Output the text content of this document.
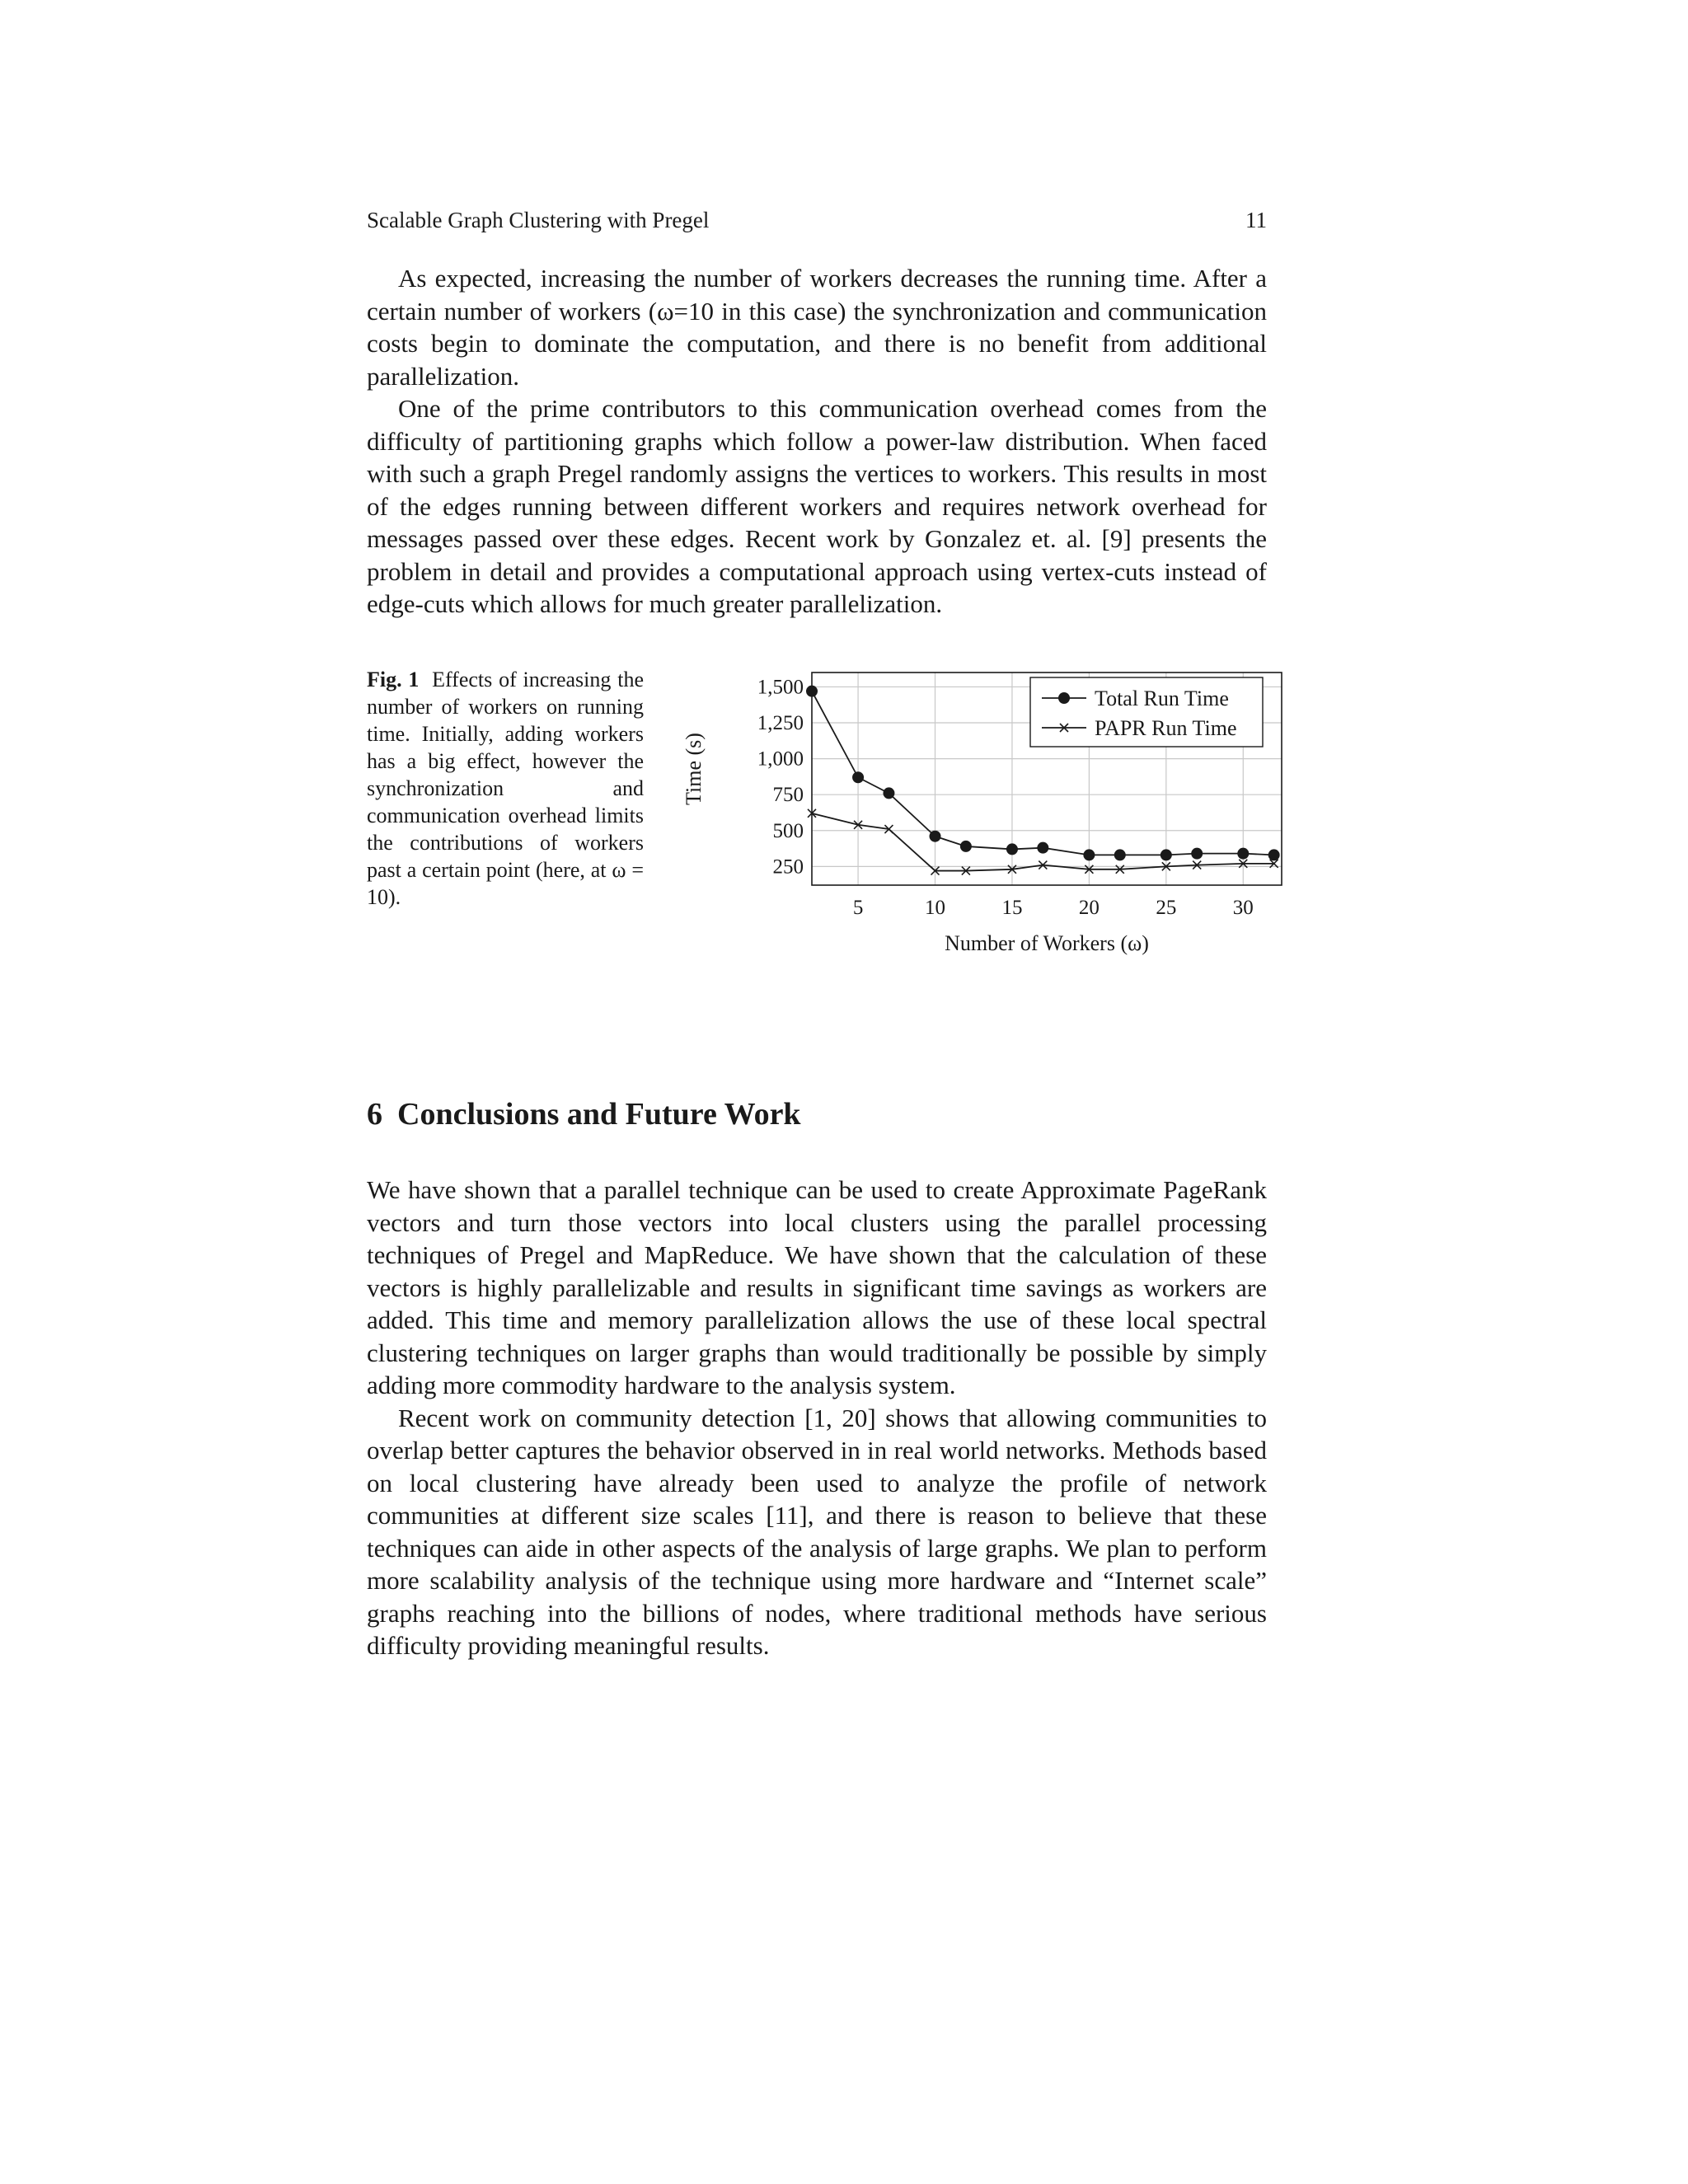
Scalable Graph Clustering with Pregel	11

As expected, increasing the number of workers decreases the running time. After a certain number of workers (ω=10 in this case) the synchronization and communication costs begin to dominate the computation, and there is no benefit from additional parallelization.

One of the prime contributors to this communication overhead comes from the difficulty of partitioning graphs which follow a power-law distribution. When faced with such a graph Pregel randomly assigns the vertices to workers. This results in most of the edges running between different workers and requires network overhead for messages passed over these edges. Recent work by Gonzalez et. al. [9] presents the problem in detail and provides a computational approach using vertex-cuts instead of edge-cuts which allows for much greater parallelization.

Fig. 1 Effects of increasing the number of workers on running time. Initially, adding workers has a big effect, however the synchronization and communication overhead limits the contributions of workers past a certain point (here, at ω = 10).	5	10	15	20	25	30
250
500
750
1,000
1,250
1,500
Time (s)
Number of Workers (ω)
Total Run Time
PAPR Run Time
6 Conclusions and Future Work

We have shown that a parallel technique can be used to create Approximate PageRank vectors and turn those vectors into local clusters using the parallel processing techniques of Pregel and MapReduce. We have shown that the calculation of these vectors is highly parallelizable and results in significant time savings as workers are added. This time and memory parallelization allows the use of these local spectral clustering techniques on larger graphs than would traditionally be possible by simply adding more commodity hardware to the analysis system.

Recent work on community detection [1, 20] shows that allowing communities to overlap better captures the behavior observed in in real world networks. Methods based on local clustering have already been used to analyze the profile of network communities at different size scales [11], and there is reason to believe that these techniques can aide in other aspects of the analysis of large graphs. We plan to perform more scalability analysis of the technique using more hardware and “Internet scale” graphs reaching into the billions of nodes, where traditional methods have serious difficulty providing meaningful results.
